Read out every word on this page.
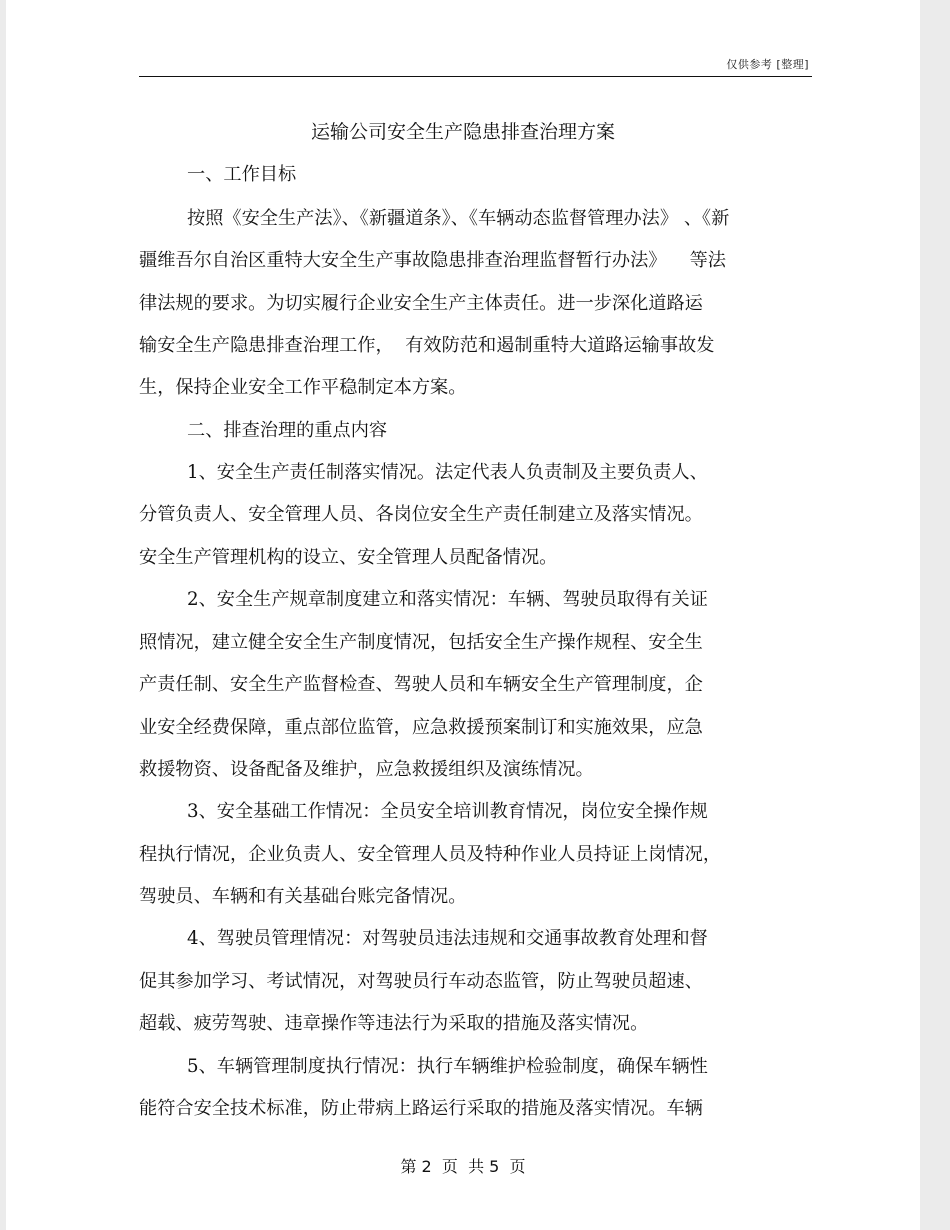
仅供参考 [整理]
运输公司安全生产隐患排查治理方案
一、工作目标
按照《安全生产法》、《新疆道条》、《车辆动态监督管理办法》 、《新
疆维吾尔自治区重特大安全生产事故隐患排查治理监督暂行办法》    等法
律法规的要求。为切实履行企业安全生产主体责任。进一步深化道路运
输安全生产隐患排查治理工作，  有效防范和遏制重特大道路运输事故发
生，保持企业安全工作平稳制定本方案。
二、排查治理的重点内容
1、安全生产责任制落实情况。法定代表人负责制及主要负责人、
分管负责人、安全管理人员、各岗位安全生产责任制建立及落实情况。
安全生产管理机构的设立、安全管理人员配备情况。
2、安全生产规章制度建立和落实情况：车辆、驾驶员取得有关证
照情况，建立健全安全生产制度情况，包括安全生产操作规程、安全生
产责任制、安全生产监督检查、驾驶人员和车辆安全生产管理制度，企
业安全经费保障，重点部位监管，应急救援预案制订和实施效果，应急
救援物资、设备配备及维护，应急救援组织及演练情况。
3、安全基础工作情况：全员安全培训教育情况，岗位安全操作规
程执行情况，企业负责人、安全管理人员及特种作业人员持证上岗情况，
驾驶员、车辆和有关基础台账完备情况。
4、驾驶员管理情况：对驾驶员违法违规和交通事故教育处理和督
促其参加学习、考试情况，对驾驶员行车动态监管，防止驾驶员超速、
超载、疲劳驾驶、违章操作等违法行为采取的措施及落实情况。
5、车辆管理制度执行情况：执行车辆维护检验制度，确保车辆性
能符合安全技术标准，防止带病上路运行采取的措施及落实情况。车辆
第 2  页  共 5  页
